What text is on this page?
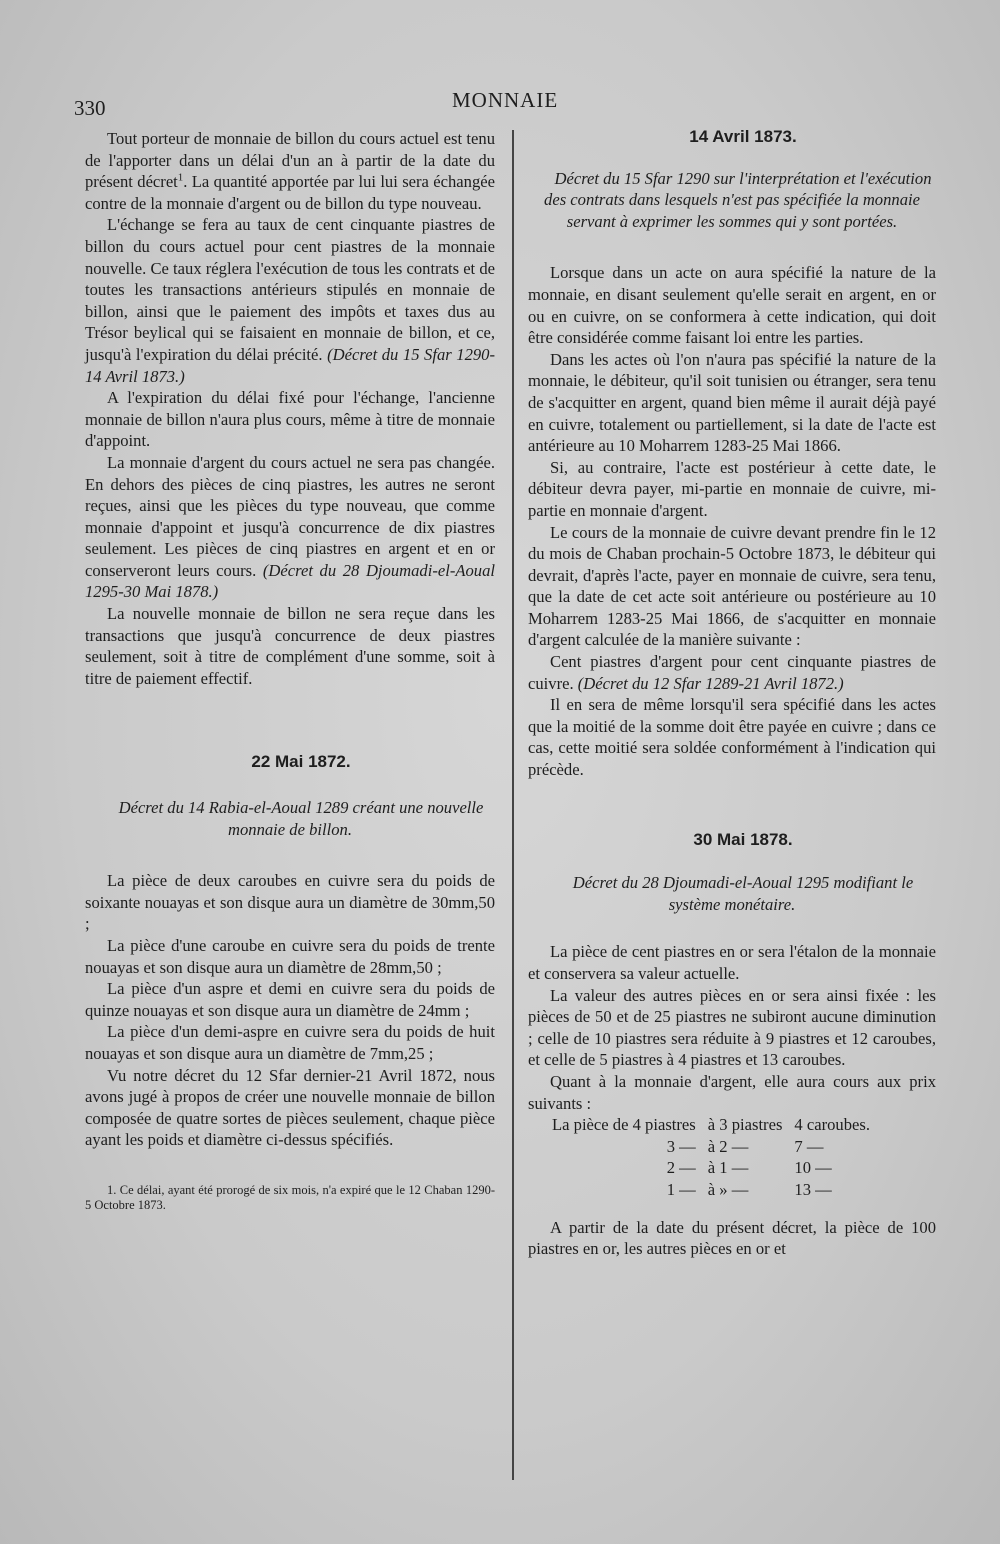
330	MONNAIE

Tout porteur de monnaie de billon du cours actuel est tenu de l'apporter dans un délai d'un an à partir de la date du présent décret$^1$. La quantité apportée par lui lui sera échangée contre de la monnaie d'argent ou de billon du type nouveau.

L'échange se fera au taux de cent cinquante piastres de billon du cours actuel pour cent piastres de la monnaie nouvelle. Ce taux réglera l'exécution de tous les contrats et de toutes les transactions antérieurs stipulés en monnaie de billon, ainsi que le paiement des impôts et taxes dus au Trésor beylical qui se faisaient en monnaie de billon, et ce, jusqu'à l'expiration du délai précité. (Décret du 15 Sfar 1290-14 Avril 1873.)

A l'expiration du délai fixé pour l'échange, l'ancienne monnaie de billon n'aura plus cours, même à titre de monnaie d'appoint.

La monnaie d'argent du cours actuel ne sera pas changée. En dehors des pièces de cinq piastres, les autres ne seront reçues, ainsi que les pièces du type nouveau, que comme monnaie d'appoint et jusqu'à concurrence de dix piastres seulement. Les pièces de cinq piastres en argent et en or conserveront leurs cours. (Décret du 28 Djoumadi-el-Aoual 1295-30 Mai 1878.)

La nouvelle monnaie de billon ne sera reçue dans les transactions que jusqu'à concurrence de deux piastres seulement, soit à titre de complément d'une somme, soit à titre de paiement effectif.

22 Mai 1872.

Décret du 14 Rabia-el-Aoual 1289 créant une nouvelle monnaie de billon.

La pièce de deux caroubes en cuivre sera du poids de soixante nouayas et son disque aura un diamètre de 30mm,50 ;

La pièce d'une caroube en cuivre sera du poids de trente nouayas et son disque aura un diamètre de 28mm,50 ;

La pièce d'un aspre et demi en cuivre sera du poids de quinze nouayas et son disque aura un diamètre de 24mm ;

La pièce d'un demi-aspre en cuivre sera du poids de huit nouayas et son disque aura un diamètre de 7mm,25 ;

Vu notre décret du 12 Sfar dernier-21 Avril 1872, nous avons jugé à propos de créer une nouvelle monnaie de billon composée de quatre sortes de pièces seulement, chaque pièce ayant les poids et diamètre ci-dessus spécifiés.

1. Ce délai, ayant été prorogé de six mois, n'a expiré que le 12 Chaban 1290-5 Octobre 1873.

14 Avril 1873.

Décret du 15 Sfar 1290 sur l'interprétation et l'exécution des contrats dans lesquels n'est pas spécifiée la monnaie servant à exprimer les sommes qui y sont portées.

Lorsque dans un acte on aura spécifié la nature de la monnaie, en disant seulement qu'elle serait en argent, en or ou en cuivre, on se conformera à cette indication, qui doit être considérée comme faisant loi entre les parties.

Dans les actes où l'on n'aura pas spécifié la nature de la monnaie, le débiteur, qu'il soit tunisien ou étranger, sera tenu de s'acquitter en argent, quand bien même il aurait déjà payé en cuivre, totalement ou partiellement, si la date de l'acte est antérieure au 10 Moharrem 1283-25 Mai 1866.

Si, au contraire, l'acte est postérieur à cette date, le débiteur devra payer, mi-partie en monnaie de cuivre, mi-partie en monnaie d'argent.

Le cours de la monnaie de cuivre devant prendre fin le 12 du mois de Chaban prochain-5 Octobre 1873, le débiteur qui devrait, d'après l'acte, payer en monnaie de cuivre, sera tenu, que la date de cet acte soit antérieure ou postérieure au 10 Moharrem 1283-25 Mai 1866, de s'acquitter en monnaie d'argent calculée de la manière suivante :

Cent piastres d'argent pour cent cinquante piastres de cuivre. (Décret du 12 Sfar 1289-21 Avril 1872.)

Il en sera de même lorsqu'il sera spécifié dans les actes que la moitié de la somme doit être payée en cuivre ; dans ce cas, cette moitié sera soldée conformément à l'indication qui précède.

30 Mai 1878.

Décret du 28 Djoumadi-el-Aoual 1295 modifiant le système monétaire.

La pièce de cent piastres en or sera l'étalon de la monnaie et conservera sa valeur actuelle.

La valeur des autres pièces en or sera ainsi fixée : les pièces de 50 et de 25 piastres ne subiront aucune diminution ; celle de 10 piastres sera réduite à 9 piastres et 12 caroubes, et celle de 5 piastres à 4 piastres et 13 caroubes.

Quant à la monnaie d'argent, elle aura cours aux prix suivants :

La pièce de 4 piastres	à 3 piastres	4 caroubes.
3 —	à 2 —	7 —
2 —	à 1 —	10 —
1 —	à » —	13 —

A partir de la date du présent décret, la pièce de 100 piastres en or, les autres pièces en or et
